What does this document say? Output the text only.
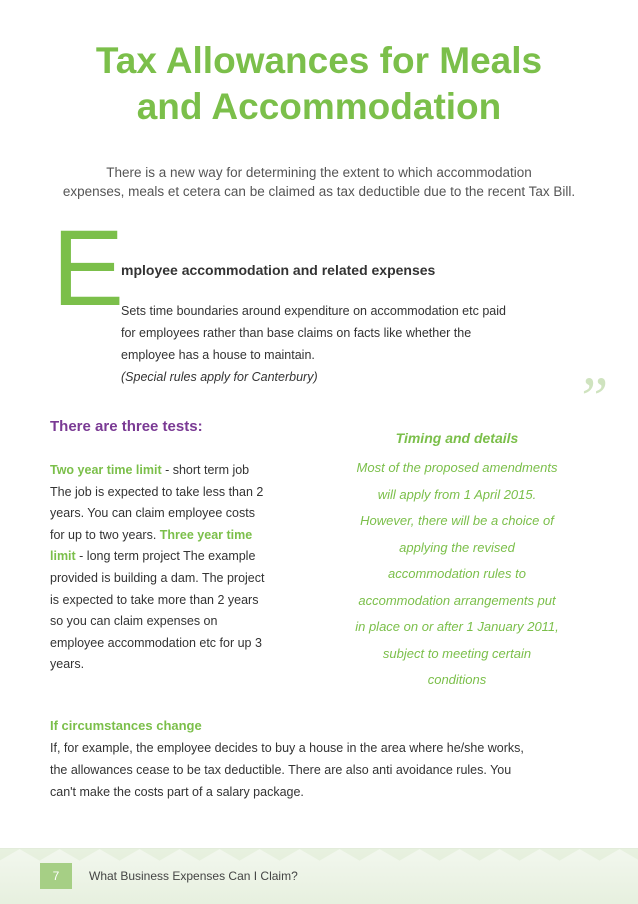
Tax Allowances for Meals
and Accommodation
There is a new way for determining the extent to which accommodation
expenses, meals et cetera can be claimed as tax deductible due to the recent Tax Bill.
E
mployee accommodation and related expenses
Sets time boundaries around expenditure on accommodation etc paid
for employees rather than base claims on facts like whether the
employee has a house to maintain.
(Special rules apply for Canterbury)	”
There are three tests:
Two year time limit - short term job
The job is expected to take less than 2
years. You can claim employee costs
for up to two years. Three year time
limit - long term project The example
provided is building a dam. The project
is expected to take more than 2 years
so you can claim expenses on
employee accommodation etc for up 3
years.
Timing and details
Most of the proposed amendments
will apply from 1 April 2015.
However, there will be a choice of
applying the revised
accommodation rules to
accommodation arrangements put
in place on or after 1 January 2011,
subject to meeting certain
conditions
If circumstances change
If, for example, the employee decides to buy a house in the area where he/she works,
the allowances cease to be tax deductible. There are also anti avoidance rules. You
can't make the costs part of a salary package.
7	What Business Expenses Can I Claim?
